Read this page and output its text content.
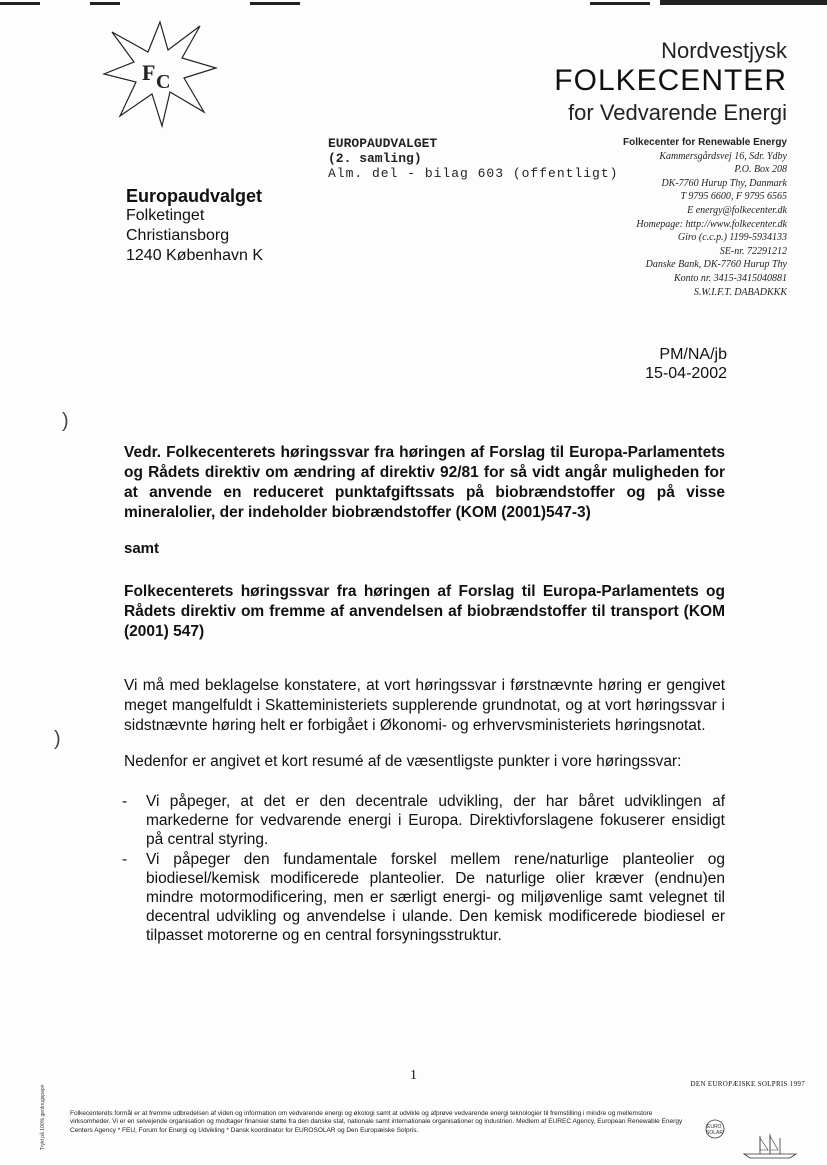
F C
Nordvestjysk
FOLKECENTER
for Vedvarende Energi
EUROPAUDVALGET
(2. samling)
Alm. del - bilag 603 (offentligt)
Folkecenter for Renewable Energy
Kammersgårdsvej 16, Sdr. Ydby
P.O. Box 208
DK-7760 Hurup Thy, Danmark
T 9795 6600, F 9795 6565
E energy@folkecenter.dk
Homepage: http://www.folkecenter.dk
Giro (c.c.p.) 1199-5934133
SE-nr. 72291212
Danske Bank, DK-7760 Hurup Thy
Konto nr. 3415-3415040881
S.W.I.F.T. DABADKKK
Europaudvalget
Folketinget
Christiansborg
1240 København K
PM/NA/jb
15-04-2002
)
)
Vedr. Folkecenterets høringssvar fra høringen af Forslag til Europa-Parlamentets og Rådets direktiv om ændring af direktiv 92/81 for så vidt angår muligheden for at anvende en reduceret punktafgiftssats på biobrændstoffer og på visse mineralolier, der indeholder biobrændstoffer (KOM (2001)547-3)
samt
Folkecenterets høringssvar fra høringen af Forslag til Europa-Parlamentets og Rådets direktiv om fremme af anvendelsen af biobrændstoffer til transport (KOM (2001) 547)
Vi må med beklagelse konstatere, at vort høringssvar i førstnævnte høring er gengivet meget mangelfuldt i Skatteministeriets supplerende grundnotat, og at vort høringssvar i sidstnævnte høring helt er forbigået i Økonomi- og erhvervsministeriets høringsnotat.
Nedenfor er angivet et kort resumé af de væsentligste punkter i vore høringssvar:
- Vi påpeger, at det er den decentrale udvikling, der har båret udviklingen af markederne for vedvarende energi i Europa. Direktivforslagene fokuserer ensidigt på central styring.
- Vi påpeger den fundamentale forskel mellem rene/naturlige planteolier og biodiesel/kemisk modificerede planteolier. De naturlige olier kræver (endnu)en mindre motormodificering, men er særligt energi- og miljøvenlige samt velegnet til decentral udvikling og anvendelse i ulande. Den kemisk modificerede biodiesel er tilpasset motorerne og en central forsyningsstruktur.
1
DEN EUROPÆISKE SOLPRIS 1997
Trykt på 100% genbrugspapir	Folkecenterets formål er at fremme udbredelsen af viden og information om vedvarende energi og økologi samt at udvikle og afprøve vedvarende energi teknologier til fremstilling i mindre og mellemstore virksomheder. Vi er en selvejende organisation og modtager finansiel støtte fra den danske stat, nationale samt internationale organisationer og industrien. Medlem af EUREC Agency, European Renewable Energy Centers Agency * FEU, Forum for Energi og Udvikling * Dansk koordinator for EUROSOLAR og Den Europæiske Solpris.	EURO
SOLAR
